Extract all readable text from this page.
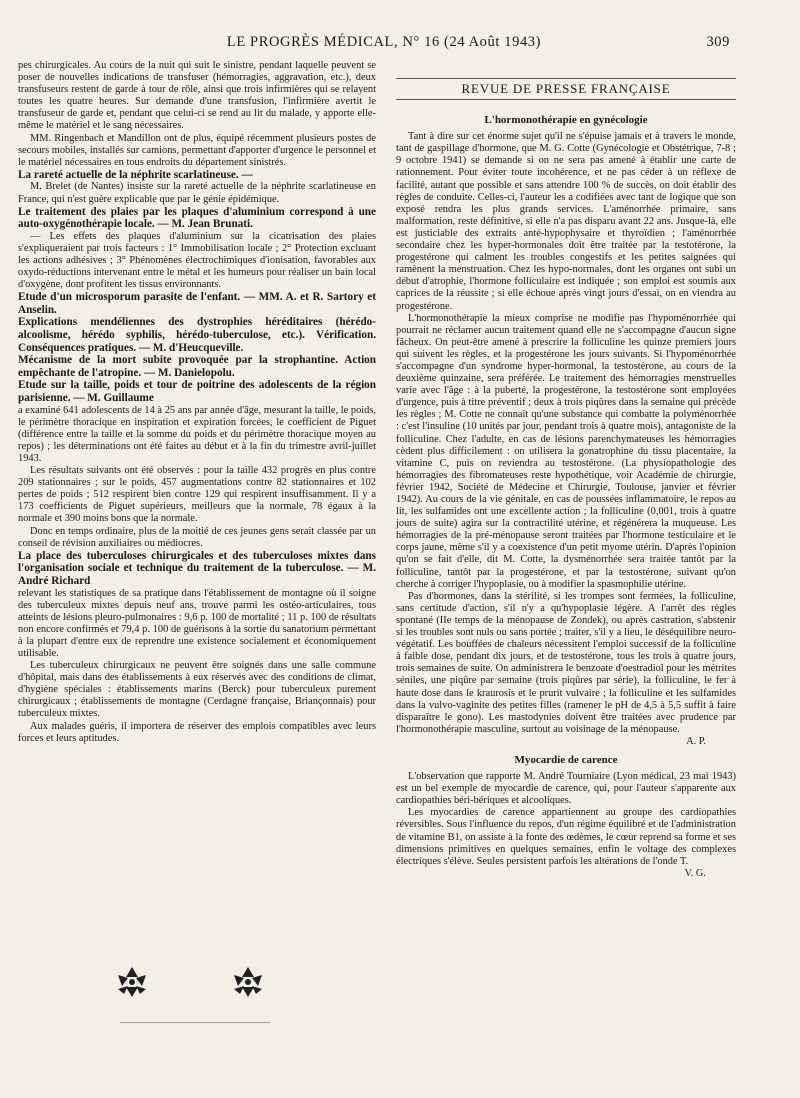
LE PROGRÈS MÉDICAL, N° 16 (24 Août 1943)	309

pes chirurgicales. Au cours de la nuit qui suit le sinistre, pendant laquelle peuvent se poser de nouvelles indications de transfuser (hémorragies, aggravation, etc.), deux transfuseurs restent de garde à tour de rôle, ainsi que trois infirmières qui se relayent toutes les quatre heures. Sur demande d'une transfusion, l'infirmière avertit le transfuseur de garde et, pendant que celui-ci se rend au lit du malade, y apporte elle-même le matériel et le sang nécessaires.

MM. Ringenbach et Mandillon ont de plus, équipé récemment plusieurs postes de secours mobiles, installés sur camions, permettant d'apporter d'urgence le personnel et le matériel nécessaires en tous endroits du département sinistrés.

La rareté actuelle de la néphrite scarlatineuse. —

M. Brelet (de Nantes) insiste sur la rareté actuelle de la néphrite scarlatineuse en France, qui n'est guère explicable que par le génie épidémique.

Le traitement des plaies par les plaques d'aluminium correspond à une auto-oxygénothérapie locale. — M. Jean Brunati.

— Les effets des plaques d'aluminium sur la cicatrisation des plaies s'expliqueraient par trois facteurs : 1° Immobilisation locale ; 2° Protection excluant les actions adhésives ; 3° Phénomènes électrochimiques d'ionisation, favorables aux oxydo-réductions intervenant entre le métal et les humeurs pour réaliser un bain local d'oxygène, dont profitent les tissus environnants.

Etude d'un microsporum parasite de l'enfant. — MM. A. et R. Sartory et Anselin.

Explications mendéliennes des dystrophies héréditaires (hérédo-alcoolisme, hérédo syphilis, hérédo-tuberculose, etc.). Vérification. Conséquences pratiques. — M. d'Heucqueville.

Mécanisme de la mort subite provoquée par la strophantine. Action empêchante de l'atropine. — M. Danielopolu.

Etude sur la taille, poids et tour de poitrine des adolescents de la région parisienne. — M. Guillaume

a examiné 641 adolescents de 14 à 25 ans par année d'âge, mesurant la taille, le poids, le périmètre thoracique en inspiration et expiration forcées, le coefficient de Piguet (différence entre la taille et la somme du poids et du périmètre thoracique moyen au repos) ; les déterminations ont été faites au début et à la fin du trimestre avril-juillet 1943.

Les résultats suivants ont été observés : pour la taille 432 progrès en plus contre 209 stationnaires ; sur le poids, 457 augmentations contre 82 stationnaires et 102 pertes de poids ; 512 respirent bien contre 129 qui respirent insuffisamment. Il y a 173 coefficients de Piguet supérieurs, meilleurs que la normale, 78 égaux à la normale et 390 moins bons que la normale.

Donc en temps ordinaire, plus de la moitié de ces jeunes gens serait classée par un conseil de révision auxiliaires ou médiocres.

La place des tuberculoses chirurgicales et des tuberculoses mixtes dans l'organisation sociale et technique du traitement de la tuberculose. — M. André Richard

relevant les statistiques de sa pratique dans l'établissement de montagne où il soigne des tuberculeux mixtes depuis neuf ans, trouve parmi les ostéo-articulaires, tous atteints de lésions pleuro-pulmonaires : 9,6 p. 100 de mortalité ; 11 p. 100 de résultats non encore confirmés et 79,4 p. 100 de guérisons à la sortie du sanatorium permettant à la plupart d'entre eux de reprendre une existence socialement et économiquement utilisable.

Les tuberculeux chirurgicaux ne peuvent être soignés dans une salle commune d'hôpital, mais dans des établissements à eux réservés avec des conditions de climat, d'hygiène spéciales : établissements marins (Berck) pour tuberculeux purement chirurgicaux ; établissements de montagne (Cerdagne française, Briançonnais) pour tuberculeux mixtes.

Aux malades guéris, il importera de réserver des emplois compatibles avec leurs forces et leurs aptitudes.

REVUE DE PRESSE FRANÇAISE
L'hormonothérapie en gynécologie

Tant à dire sur cet énorme sujet qu'il ne s'épuise jamais et à travers le monde, tant de gaspillage d'hormone, que M. G. Cotte (Gynécologie et Obstétrique, 7-8 ; 9 octobre 1941) se demande si on ne sera pas amené à établir une carte de rationnement. Pour éviter toute incohérence, et ne pas céder à un réflexe de facilité, autant que possible et sans attendre 100 % de succès, on doit établir des règles de conduite. Celles-ci, l'auteur les a codifiées avec tant de logique que son exposé rendra les plus grands services. L'aménorrhée primaire, sans malformation, reste définitive, si elle n'a pas disparu avant 22 ans. Jusque-là, elle est justiciable des extraits anté-hypophysaire et thyroïdien ; l'aménorrhée secondaire chez les hyper-hormonales doit être traitée par la testotérone, la progestérone qui calment les troubles congestifs et les petites saignées qui ramènent la menstruation. Chez les hypo-normales, dont les organes ont subi un début d'atrophie, l'hormone folliculaire est indiquée ; son emploi est soumis aux caprices de la réussite ; si elle échoue après vingt jours d'essai, on en viendra au progestérone.

L'hormonothérapie la mieux comprise ne modifie pas l'hypoménorrhée qui pourrait ne réclamer aucun traitement quand elle ne s'accompagne d'aucun signe fâcheux. On peut-être amené à prescrire la folliculine les quinze premiers jours qui suivent les règles, et la progestérone les jours suivants. Si l'hypoménorrhée s'accompagne d'un syndrome hyper-hormonal, la testostérone, au cours de la deuxième quinzaine, sera préférée. Le traitement des hémorragies menstruelles varie avec l'âge : à la puberté, la progestérone, la testostérone sont employées d'urgence, puis à titre préventif ; deux à trois piqûres dans la semaine qui précède les règles ; M. Cotte ne connaît qu'une substance qui combatte la polyménorrhée : c'est l'insuline (10 unités par jour, pendant trois à quatre mois), antagoniste de la folliculine. Chez l'adulte, en cas de lésions parenchymateuses les hémorragies cèdent plus difficilement : on utilisera la gonatrophine du tissu placentaire, la vitamine C, puis on reviendra au testostérone. (La physiopathologie des hémorragies des fibromateuses reste hypothétique, voir Académie de chirurgie, février 1942, Société de Médecine et Chirurgie, Toulouse, janvier et février 1942). Au cours de la vie génitale, en cas de poussées inflammatoire, le repos au lit, les sulfamides ont une excellente action ; la folliculine (0,001, trois à quatre jours de suite) agira sur la contractilité utérine, et régénérera la muqueuse. Les hémorragies de la pré-ménopause seront traitées par l'hormone testiculaire et le corps jaune, même s'il y a coexistence d'un petit myome utérin. D'après l'opinion qu'on se fait d'elle, dit M. Cotte, la dysménorrhée sera traitée tantôt par la folliculine, tantôt par la progestérone, et par la testostérone, suivant qu'on cherche à corriger l'hypoplasie, ou à modifier la spasmophilie utérine.

Pas d'hormones, dans la stérilité, si les trompes sont fermées, la folliculine, sans certitude d'action, s'il n'y a qu'hypoplasie légère. A l'arrêt des règles spontané (IIe temps de la ménopause de Zondek), ou après castration, s'abstenir si les troubles sont nuls ou sans portée ; traiter, s'il y a lieu, le déséquilibre neuro-végétatif. Les bouffées de chaleurs nécessitent l'emploi successif de la folliculine à faible dose, pendant dix jours, et de testostérone, tous les trois à quatre jours, trois semaines de suite. On administrera le benzoate d'oestradiol pour les métrites séniles, une piqûre par semaine (trois piqûres par série), la folliculine, le fer à haute dose dans le kraurosis et le prurit vulvaire ; la folliculine et les sulfamides dans la vulvo-vaginite des petites filles (ramener le pH de 4,5 à 5,5 suffit à faire disparaître le gono). Les mastodynies doivent être traitées avec prudence par l'hormonothérapie masculine, surtout au voisinage de la ménopause.

A. P.

Myocardie de carence

L'observation que rapporte M. André Tourniaire (Lyon médical, 23 mai 1943) est un bel exemple de myocardie de carence, qui, pour l'auteur s'apparente aux cardiopathies béri-bériques et alcooliques.

Les myocardies de carence appartiennent au groupe des cardiopathies réversibles. Sous l'influence du repos, d'un régime équilibré et de l'administration de vitamine B1, on assiste à la fonte des œdèmes, le cœur reprend sa forme et ses dimensions primitives en quelques semaines, enfin le voltage des complexes électriques s'élève. Seules persistent parfois les altérations de l'onde T.

V. G.
